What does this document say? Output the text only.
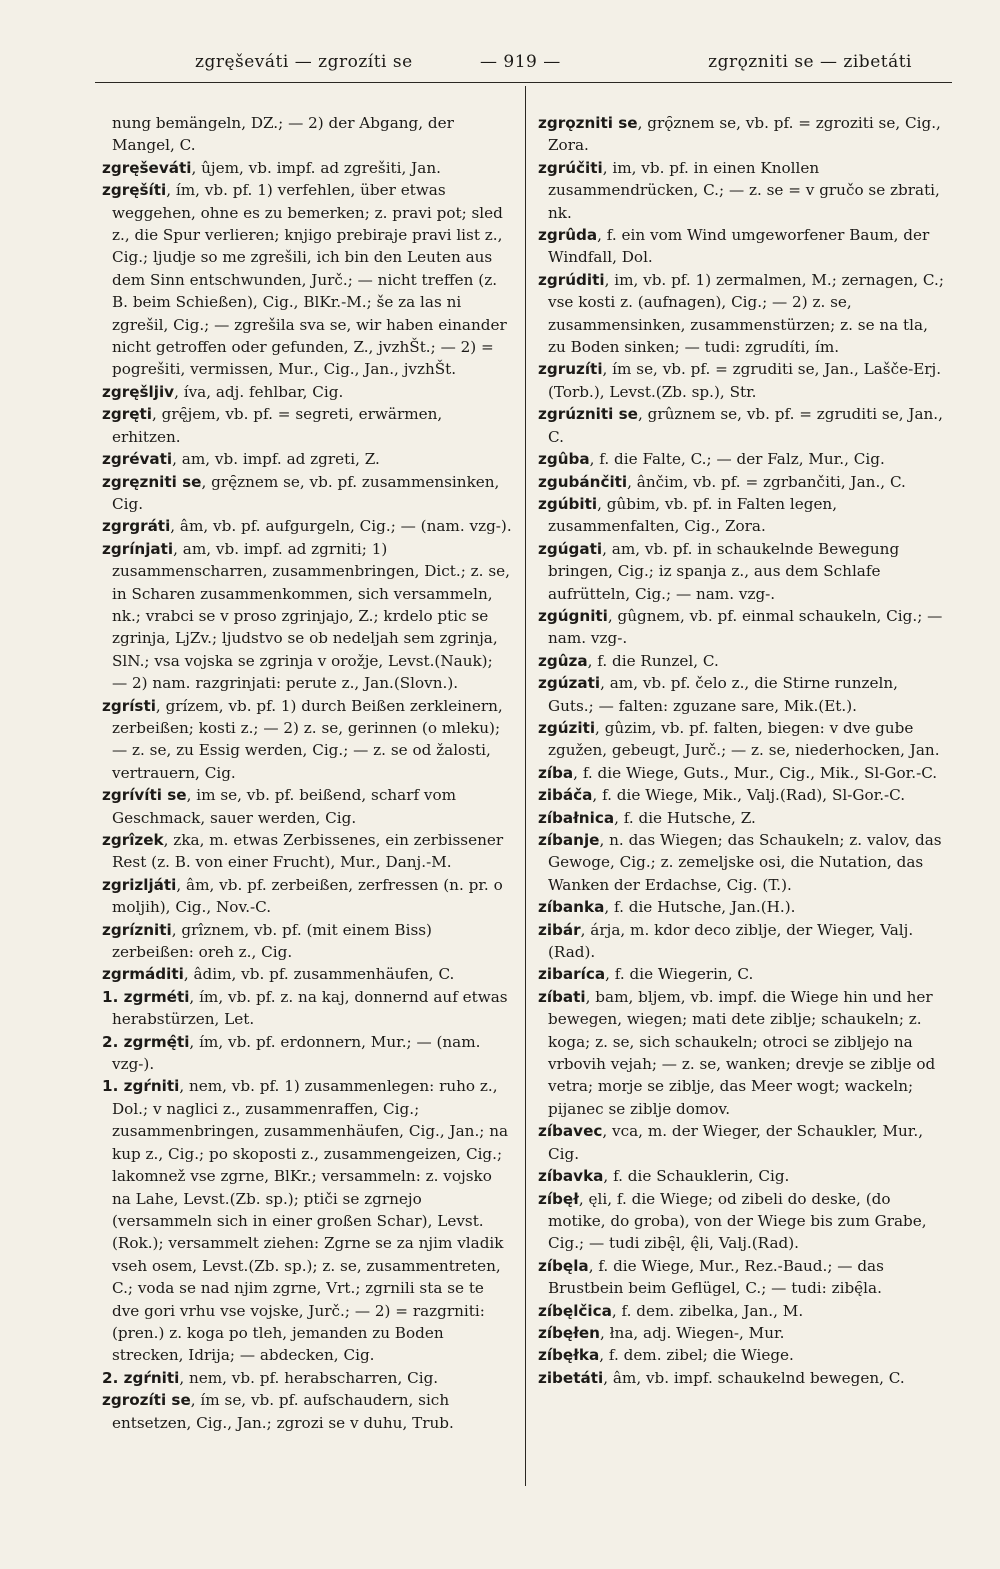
zgręševáti — zgrozíti se	— 919 —	zgrǫzniti se — zibetáti

nung bemängeln, DZ.; — 2) der Abgang, der Mangel, C.

zgręševáti, ûjem, vb. impf. ad zgrešiti, Jan.

zgręšíti, ím, vb. pf. 1) verfehlen, über etwas weggehen, ohne es zu bemerken; z. pravi pot; sled z., die Spur verlieren; knjigo prebiraje pravi list z., Cig.; ljudje so me zgrešili, ich bin den Leuten aus dem Sinn entschwunden, Jurč.; — nicht treffen (z. B. beim Schießen), Cig., BlKr.-M.; še za las ni zgrešil, Cig.; — zgrešila sva se, wir haben einander nicht getroffen oder gefunden, Z., jvzhŠt.; — 2) = pogrešiti, vermissen, Mur., Cig., Jan., jvzhŠt.

zgręšljiv, íva, adj. fehlbar, Cig.

zgręti, grę̑jem, vb. pf. = segreti, erwärmen, erhitzen.

zgrévati, am, vb. impf. ad zgreti, Z.

zgręzniti se, grę̑znem se, vb. pf. zusammensinken, Cig.

zgrgráti, âm, vb. pf. aufgurgeln, Cig.; — (nam. vzg-).

zgrínjati, am, vb. impf. ad zgrniti; 1) zusammenscharren, zusammenbringen, Dict.; z. se, in Scharen zusammenkommen, sich versammeln, nk.; vrabci se v proso zgrinjajo, Z.; krdelo ptic se zgrinja, LjZv.; ljudstvo se ob nedeljah sem zgrinja, SlN.; vsa vojska se zgrinja v orožje, Levst.(Nauk); — 2) nam. razgrinjati: perute z., Jan.(Slovn.).

zgrísti, grízem, vb. pf. 1) durch Beißen zerkleinern, zerbeißen; kosti z.; — 2) z. se, gerinnen (o mleku); — z. se, zu Essig werden, Cig.; — z. se od žalosti, vertrauern, Cig.

zgrívíti se, im se, vb. pf. beißend, scharf vom Geschmack, sauer werden, Cig.

zgrîzek, zka, m. etwas Zerbissenes, ein zerbissener Rest (z. B. von einer Frucht), Mur., Danj.-M.

zgrizljáti, âm, vb. pf. zerbeißen, zerfressen (n. pr. o moljih), Cig., Nov.-C.

zgrízniti, grîznem, vb. pf. (mit einem Biss) zerbeißen: oreh z., Cig.

zgrmáditi, âdim, vb. pf. zusammenhäufen, C.

1. zgrméti, ím, vb. pf. z. na kaj, donnernd auf etwas herabstürzen, Let.

2. zgrmę̂ti, ím, vb. pf. erdonnern, Mur.; — (nam. vzg-).

1. zgŕniti, nem, vb. pf. 1) zusammenlegen: ruho z., Dol.; v naglici z., zusammenraffen, Cig.; zusammenbringen, zusammenhäufen, Cig., Jan.; na kup z., Cig.; po skoposti z., zusammengeizen, Cig.; lakomnež vse zgrne, BlKr.; versammeln: z. vojsko na Lahe, Levst.(Zb. sp.); ptiči se zgrnejo (versammeln sich in einer großen Schar), Levst.(Rok.); versammelt ziehen: Zgrne se za njim vladik vseh osem, Levst.(Zb. sp.); z. se, zusammentreten, C.; voda se nad njim zgrne, Vrt.; zgrnili sta se te dve gori vrhu vse vojske, Jurč.; — 2) = razgrniti: (pren.) z. koga po tleh, jemanden zu Boden strecken, Idrija; — abdecken, Cig.

2. zgŕniti, nem, vb. pf. herabscharren, Cig.

zgrozíti se, ím se, vb. pf. aufschaudern, sich entsetzen, Cig., Jan.; zgrozi se v duhu, Trub.

zgrǫzniti se, grǫ̑znem se, vb. pf. = zgroziti se, Cig., Zora.

zgrúčiti, im, vb. pf. in einen Knollen zusammendrücken, C.; — z. se = v gručo se zbrati, nk.

zgrûda, f. ein vom Wind umgeworfener Baum, der Windfall, Dol.

zgrúditi, im, vb. pf. 1) zermalmen, M.; zernagen, C.; vse kosti z. (aufnagen), Cig.; — 2) z. se, zusammensinken, zusammenstürzen; z. se na tla, zu Boden sinken; — tudi: zgrudíti, ím.

zgruzíti, ím se, vb. pf. = zgruditi se, Jan., Lašče-Erj.(Torb.), Levst.(Zb. sp.), Str.

zgrúzniti se, grûznem se, vb. pf. = zgruditi se, Jan., C.

zgûba, f. die Falte, C.; — der Falz, Mur., Cig.

zgubánčiti, ânčim, vb. pf. = zgrbančiti, Jan., C.

zgúbiti, gûbim, vb. pf. in Falten legen, zusammenfalten, Cig., Zora.

zgúgati, am, vb. pf. in schaukelnde Bewegung bringen, Cig.; iz spanja z., aus dem Schlafe aufrütteln, Cig.; — nam. vzg-.

zgúgniti, gûgnem, vb. pf. einmal schaukeln, Cig.; — nam. vzg-.

zgûza, f. die Runzel, C.

zgúzati, am, vb. pf. čelo z., die Stirne runzeln, Guts.; — falten: zguzane sare, Mik.(Et.).

zgúziti, gûzim, vb. pf. falten, biegen: v dve gube zgužen, gebeugt, Jurč.; — z. se, niederhocken, Jan.

zíba, f. die Wiege, Guts., Mur., Cig., Mik., Sl-Gor.-C.

zibáča, f. die Wiege, Mik., Valj.(Rad), Sl-Gor.-C.

zíbałnica, f. die Hutsche, Z.

zíbanje, n. das Wiegen; das Schaukeln; z. valov, das Gewoge, Cig.; z. zemeljske osi, die Nutation, das Wanken der Erdachse, Cig. (T.).

zíbanka, f. die Hutsche, Jan.(H.).

zibár, árja, m. kdor deco ziblje, der Wieger, Valj.(Rad).

zibaríca, f. die Wiegerin, C.

zíbati, bam, bljem, vb. impf. die Wiege hin und her bewegen, wiegen; mati dete ziblje; schaukeln; z. koga; z. se, sich schaukeln; otroci se zibljejo na vrbovih vejah; — z. se, wanken; drevje se ziblje od vetra; morje se ziblje, das Meer wogt; wackeln; pijanec se ziblje domov.

zíbavec, vca, m. der Wieger, der Schaukler, Mur., Cig.

zíbavka, f. die Schauklerin, Cig.

zíbęł, ęli, f. die Wiege; od zibeli do deske, (do motike, do groba), von der Wiege bis zum Grabe, Cig.; — tudi zibę̑l, ę̂li, Valj.(Rad).

zíbęla, f. die Wiege, Mur., Rez.-Baud.; — das Brustbein beim Geflügel, C.; — tudi: zibę̑la.

zíbęlčica, f. dem. zibelka, Jan., M.

zíbęłen, łna, adj. Wiegen-, Mur.

zíbęłka, f. dem. zibel; die Wiege.

zibetáti, âm, vb. impf. schaukelnd bewegen, C.
